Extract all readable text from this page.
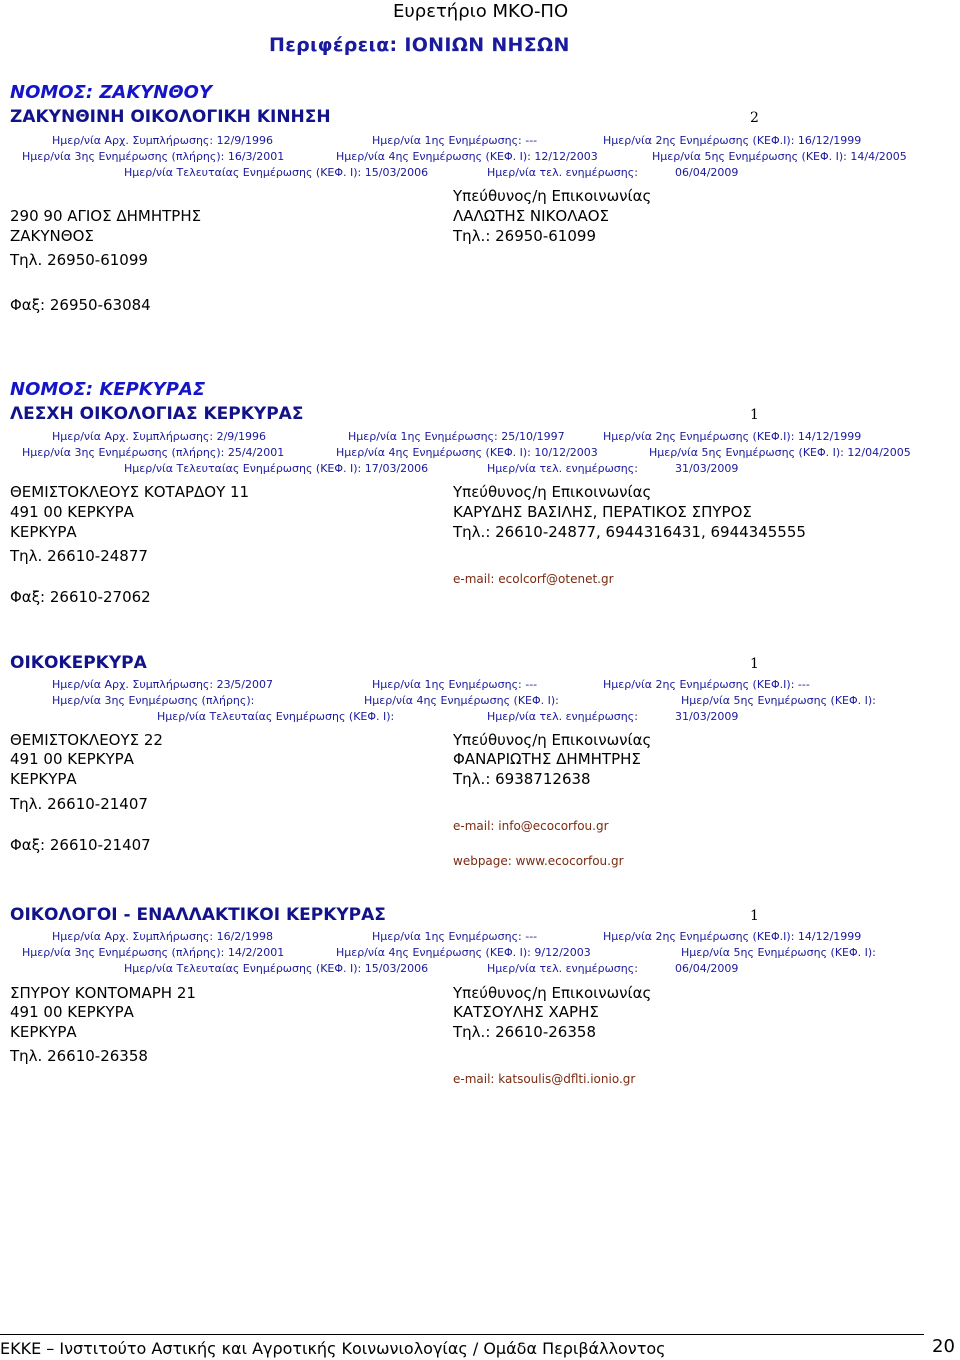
Ευρετήριο ΜΚΟ-ΠΟ
Περιφέρεια: ΙΟΝΙΩΝ ΝΗΣΩΝ
ΝΟΜΟΣ: ΖΑΚΥΝΘΟΥ
ΖΑΚΥΝΘΙΝΗ ΟΙΚΟΛΟΓΙΚΗ ΚΙΝΗΣΗ	2
Ημερ/νία Αρχ. Συμπλήρωσης: 12/9/1996	Ημερ/νία 1ης Ενημέρωσης: ---	Ημερ/νία 2ης Ενημέρωσης (ΚΕΦ.Ι): 16/12/1999
Ημερ/νία 3ης Ενημέρωσης (πλήρης): 16/3/2001	Ημερ/νία 4ης Ενημέρωσης (ΚΕΦ. Ι): 12/12/2003	Ημερ/νία 5ης Ενημέρωσης (ΚΕΦ. Ι): 14/4/2005
Ημερ/νία Τελευταίας Ενημέρωσης (ΚΕΦ. Ι): 15/03/2006	Ημερ/νία τελ. ενημέρωσης:	06/04/2009
Υπεύθυνος/η Επικοινωνίας
290 90 ΑΓΙΟΣ ΔΗΜΗΤΡΗΣ	ΛΑΛΩΤΗΣ ΝΙΚΟΛΑΟΣ
ΖΑΚΥΝΘΟΣ	Τηλ.: 26950-61099
Τηλ. 26950-61099
Φαξ: 26950-63084
ΝΟΜΟΣ: ΚΕΡΚΥΡΑΣ
ΛΕΣΧΗ ΟΙΚΟΛΟΓΙΑΣ ΚΕΡΚΥΡΑΣ	1
Ημερ/νία Αρχ. Συμπλήρωσης: 2/9/1996	Ημερ/νία 1ης Ενημέρωσης: 25/10/1997	Ημερ/νία 2ης Ενημέρωσης (ΚΕΦ.Ι): 14/12/1999
Ημερ/νία 3ης Ενημέρωσης (πλήρης): 25/4/2001	Ημερ/νία 4ης Ενημέρωσης (ΚΕΦ. Ι): 10/12/2003	Ημερ/νία 5ης Ενημέρωσης (ΚΕΦ. Ι): 12/04/2005
Ημερ/νία Τελευταίας Ενημέρωσης (ΚΕΦ. Ι): 17/03/2006	Ημερ/νία τελ. ενημέρωσης:	31/03/2009
ΘΕΜΙΣΤΟΚΛΕΟΥΣ ΚΟΤΑΡΔΟΥ 11	Υπεύθυνος/η Επικοινωνίας
491 00 ΚΕΡΚΥΡΑ	ΚΑΡΥΔΗΣ ΒΑΣΙΛΗΣ, ΠΕΡΑΤΙΚΟΣ ΣΠΥΡΟΣ
ΚΕΡΚΥΡΑ	Τηλ.: 26610-24877, 6944316431, 6944345555
Τηλ. 26610-24877
e-mail: ecolcorf@otenet.gr
Φαξ: 26610-27062
ΟΙΚΟΚΕΡΚΥΡΑ	1
Ημερ/νία Αρχ. Συμπλήρωσης: 23/5/2007	Ημερ/νία 1ης Ενημέρωσης: ---	Ημερ/νία 2ης Ενημέρωσης (ΚΕΦ.Ι): ---
Ημερ/νία 3ης Ενημέρωσης (πλήρης):	Ημερ/νία 4ης Ενημέρωσης (ΚΕΦ. Ι):	Ημερ/νία 5ης Ενημέρωσης (ΚΕΦ. Ι):
Ημερ/νία Τελευταίας Ενημέρωσης (ΚΕΦ. Ι):	Ημερ/νία τελ. ενημέρωσης:	31/03/2009
ΘΕΜΙΣΤΟΚΛΕΟΥΣ 22	Υπεύθυνος/η Επικοινωνίας
491 00 ΚΕΡΚΥΡΑ	ΦΑΝΑΡΙΩΤΗΣ ΔΗΜΗΤΡΗΣ
ΚΕΡΚΥΡΑ	Τηλ.: 6938712638
Τηλ. 26610-21407
e-mail: info@ecocorfou.gr
Φαξ: 26610-21407
webpage: www.ecocorfou.gr
ΟΙΚΟΛΟΓΟΙ - ΕΝΑΛΛΑΚΤΙΚΟΙ ΚΕΡΚΥΡΑΣ	1
Ημερ/νία Αρχ. Συμπλήρωσης: 16/2/1998	Ημερ/νία 1ης Ενημέρωσης: ---	Ημερ/νία 2ης Ενημέρωσης (ΚΕΦ.Ι): 14/12/1999
Ημερ/νία 3ης Ενημέρωσης (πλήρης): 14/2/2001	Ημερ/νία 4ης Ενημέρωσης (ΚΕΦ. Ι): 9/12/2003	Ημερ/νία 5ης Ενημέρωσης (ΚΕΦ. Ι):
Ημερ/νία Τελευταίας Ενημέρωσης (ΚΕΦ. Ι): 15/03/2006	Ημερ/νία τελ. ενημέρωσης:	06/04/2009
ΣΠΥΡΟΥ ΚΟΝΤΟΜΑΡΗ 21	Υπεύθυνος/η Επικοινωνίας
491 00 ΚΕΡΚΥΡΑ	ΚΑΤΣΟΥΛΗΣ ΧΑΡΗΣ
ΚΕΡΚΥΡΑ	Τηλ.: 26610-26358
Τηλ. 26610-26358
e-mail: katsoulis@dflti.ionio.gr
ΕΚΚΕ – Ινστιτούτο Αστικής και Αγροτικής Κοινωνιολογίας / Ομάδα Περιβάλλοντος	20
